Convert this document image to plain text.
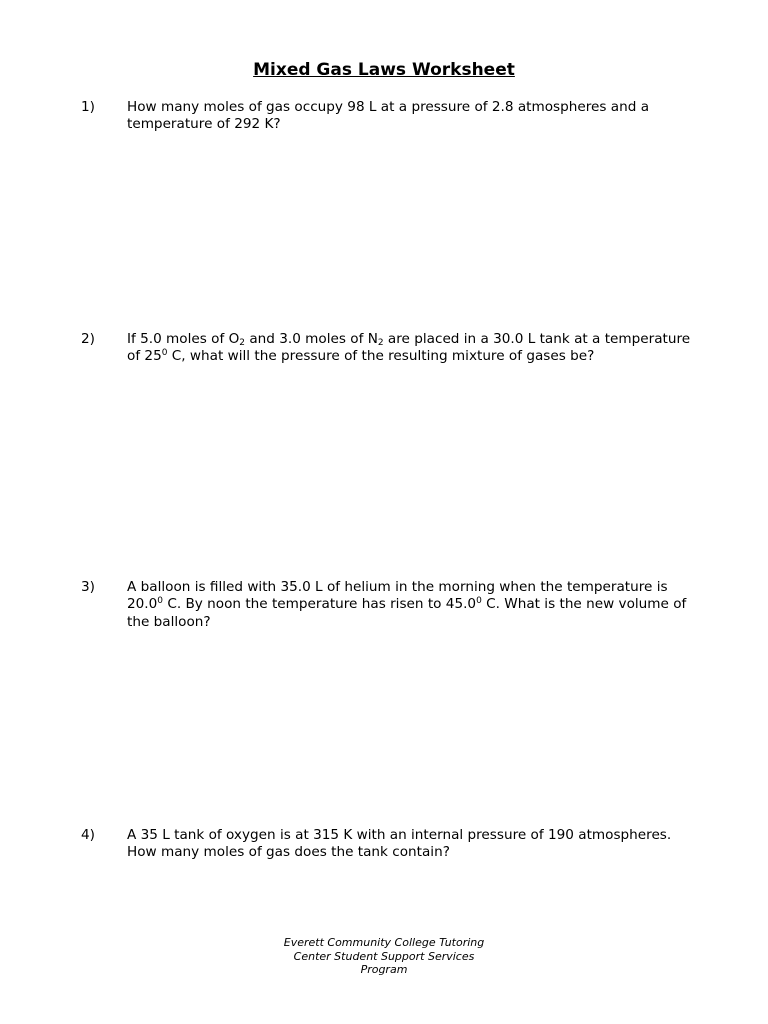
Mixed Gas Laws Worksheet
1) How many moles of gas occupy 98 L at a pressure of 2.8 atmospheres and a temperature of 292 K?
2) If 5.0 moles of $O_2$ and 3.0 moles of $N_2$ are placed in a 30.0 L tank at a temperature of $25^0$ C, what will the pressure of the resulting mixture of gases be?
3) A balloon is filled with 35.0 L of helium in the morning when the temperature is 20.0$^0$ C. By noon the temperature has risen to 45.0$^0$ C. What is the new volume of the balloon?
4) A 35 L tank of oxygen is at 315 K with an internal pressure of 190 atmospheres. How many moles of gas does the tank contain?
Everett Community College Tutoring
Center Student Support Services
Program
